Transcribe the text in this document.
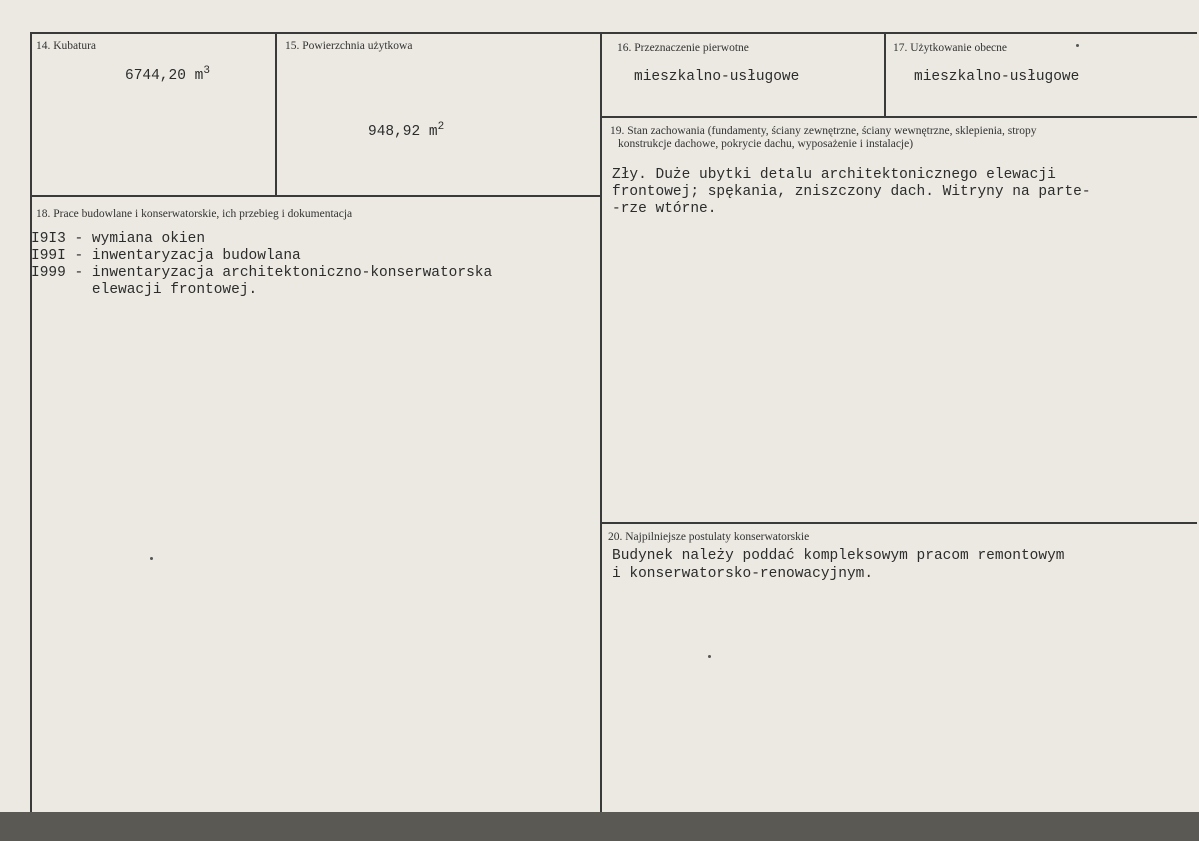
14. Kubatura
6744,20 $m^3$
15. Powierzchnia użytkowa
948,92 $m^2$
16. Przeznaczenie pierwotne
mieszkalno-usługowe
17. Użytkowanie obecne
mieszkalno-usługowe
19. Stan zachowania (fundamenty, ściany zewnętrzne, ściany wewnętrzne, sklepienia, stropy
konstrukcje dachowe, pokrycie dachu, wyposażenie i instalacje)
Zły. Duże ubytki detalu architektonicznego elewacji
frontowej; spękania, zniszczony dach. Witryny na parte-
-rze wtórne.
18. Prace budowlane i konserwatorskie, ich przebieg i dokumentacja
I9I3 - wymiana okien
I99I - inwentaryzacja budowlana
I999 - inwentaryzacja architektoniczno-konserwatorska
elewacji frontowej.
20. Najpilniejsze postulaty konserwatorskie
Budynek należy poddać kompleksowym pracom remontowym
i konserwatorsko-renowacyjnym.
